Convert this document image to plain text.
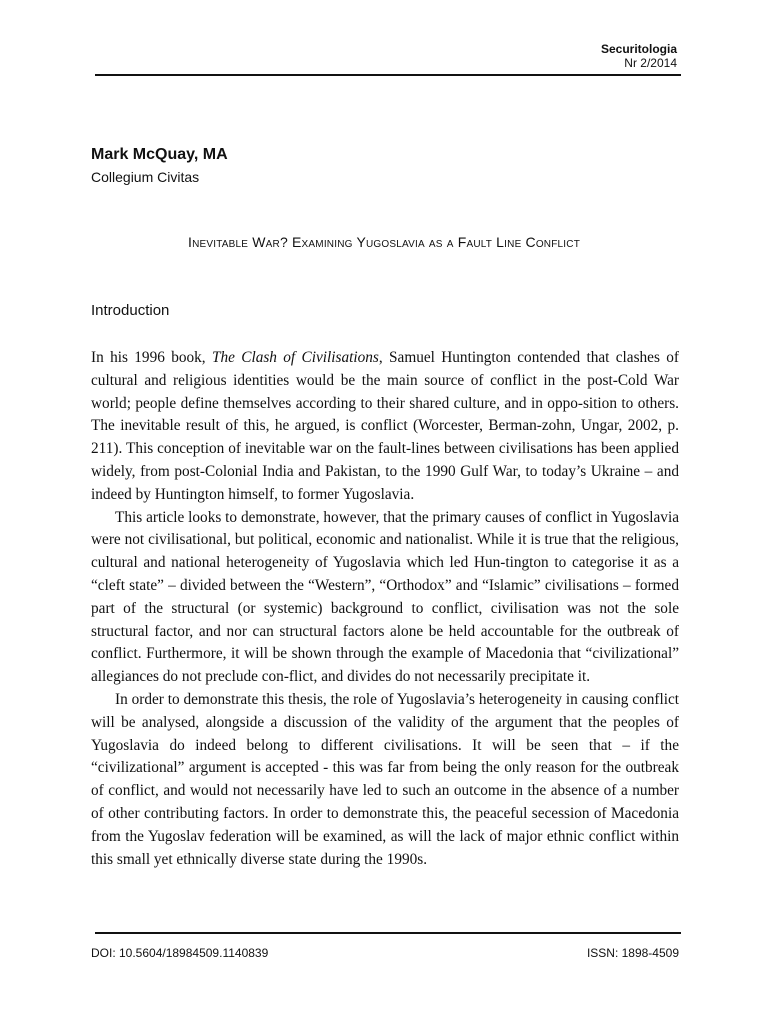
Securitologia
Nr 2/2014
Mark McQuay, MA
Collegium Civitas
Inevitable War? Examining Yugoslavia as a Fault Line Conflict
Introduction

In his 1996 book, The Clash of Civilisations, Samuel Huntington contended that clashes of cultural and religious identities would be the main source of conflict in the post-Cold War world; people define themselves according to their shared culture, and in oppo-sition to others. The inevitable result of this, he argued, is conflict (Worcester, Berman-zohn, Ungar, 2002, p. 211). This conception of inevitable war on the fault-lines between civilisations has been applied widely, from post-Colonial India and Pakistan, to the 1990 Gulf War, to today’s Ukraine – and indeed by Huntington himself, to former Yugoslavia.

This article looks to demonstrate, however, that the primary causes of conflict in Yugoslavia were not civilisational, but political, economic and nationalist. While it is true that the religious, cultural and national heterogeneity of Yugoslavia which led Hun-tington to categorise it as a “cleft state” – divided between the “Western”, “Orthodox” and “Islamic” civilisations – formed part of the structural (or systemic) background to conflict, civilisation was not the sole structural factor, and nor can structural factors alone be held accountable for the outbreak of conflict. Furthermore, it will be shown through the example of Macedonia that “civilizational” allegiances do not preclude con-flict, and divides do not necessarily precipitate it.

In order to demonstrate this thesis, the role of Yugoslavia’s heterogeneity in causing conflict will be analysed, alongside a discussion of the validity of the argument that the peoples of Yugoslavia do indeed belong to different civilisations. It will be seen that – if the “civilizational” argument is accepted - this was far from being the only reason for the outbreak of conflict, and would not necessarily have led to such an outcome in the absence of a number of other contributing factors. In order to demonstrate this, the peaceful secession of Macedonia from the Yugoslav federation will be examined, as will the lack of major ethnic conflict within this small yet ethnically diverse state during the 1990s.

DOI: 10.5604/18984509.1140839	ISSN: 1898-4509
